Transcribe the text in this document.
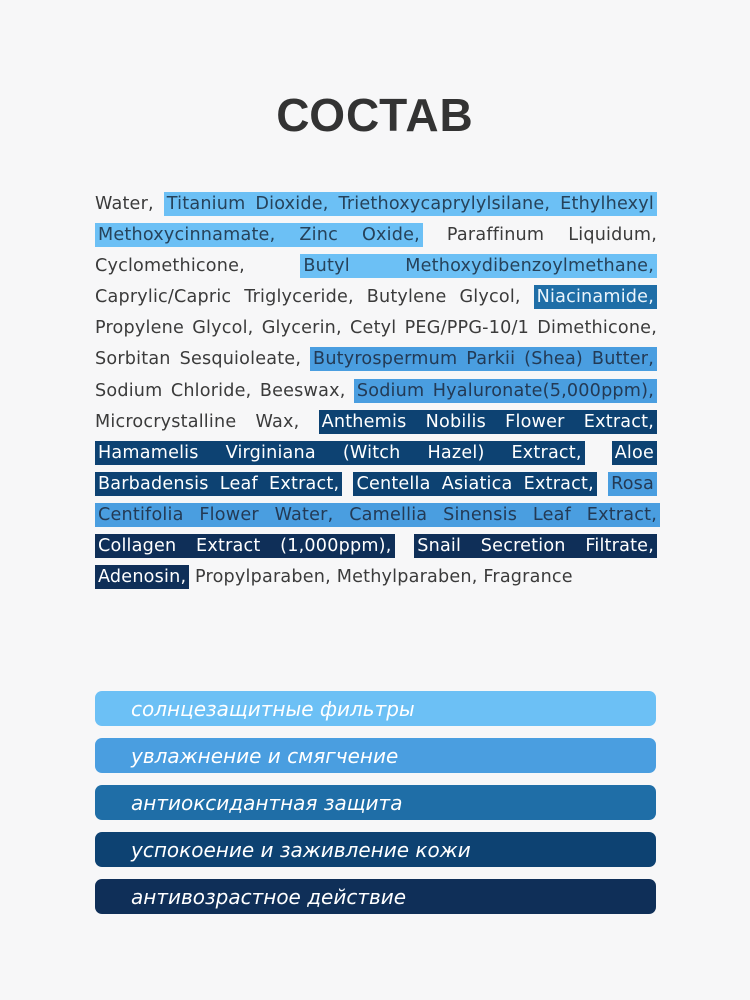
СОСТАВ
Water, Titanium Dioxide, Triethoxycaprylylsilane, Ethylhexyl Methoxycinnamate, Zinc Oxide, Paraffinum Liquidum, Cyclomethicone, Butyl Methoxydibenzoylmethane, Caprylic/Capric Triglyceride, Butylene Glycol, Niacinamide, Propylene Glycol, Glycerin, Cetyl PEG/PPG-10/1 Dimethicone, Sorbitan Sesquioleate, Butyrospermum Parkii (Shea) Butter, Sodium Chloride, Beeswax, Sodium Hyaluronate(5,000ppm), Microcrystalline Wax, Anthemis Nobilis Flower Extract, Hamamelis Virginiana (Witch Hazel) Extract, Aloe Barbadensis Leaf Extract, Centella Asiatica Extract, Rosa Centifolia Flower Water, Camellia Sinensis Leaf Extract, Collagen Extract (1,000ppm), Snail Secretion Filtrate, Adenosin, Propylparaben, Methylparaben, Fragrance
солнцезащитные фильтры
увлажнение и смягчение
антиоксидантная защита
успокоение и заживление кожи
антивозрастное действие
